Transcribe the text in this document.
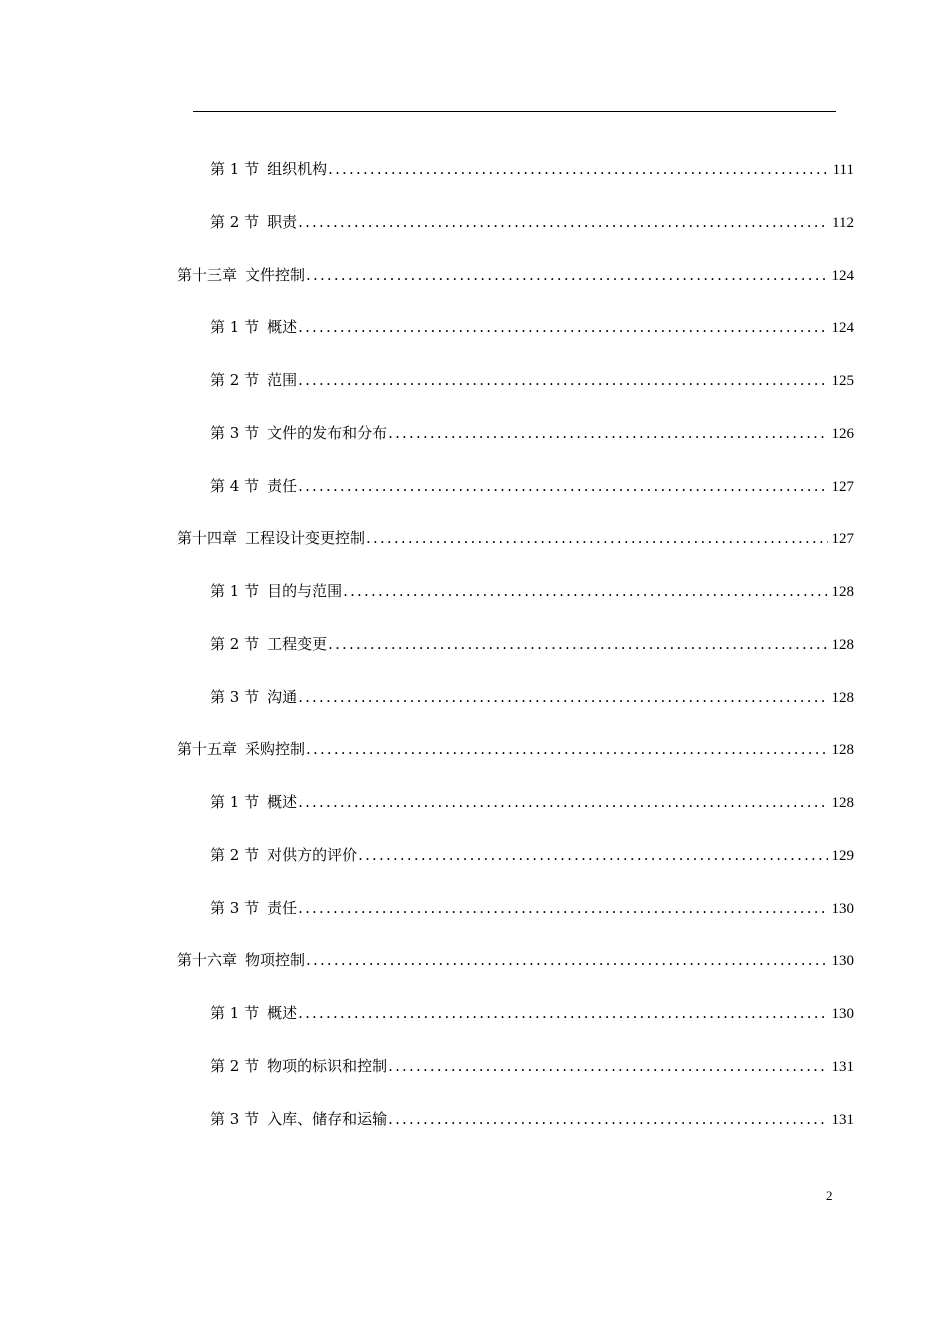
第 1 节 组织机构 .....	111
第 2 节 职责 .....	112
第十三章 文件控制 .....	124
第 1 节 概述 .....	124
第 2 节 范围 .....	125
第 3 节 文件的发布和分布 .....	126
第 4 节 责任 .....	127
第十四章 工程设计变更控制 .....	127
第 1 节 目的与范围 .....	128
第 2 节 工程变更 .....	128
第 3 节 沟通 .....	128
第十五章 采购控制 .....	128
第 1 节 概述 .....	128
第 2 节 对供方的评价 .....	129
第 3 节 责任 .....	130
第十六章 物项控制 .....	130
第 1 节 概述 .....	130
第 2 节 物项的标识和控制 .....	131
第 3 节 入库、储存和运输 .....	131
2
